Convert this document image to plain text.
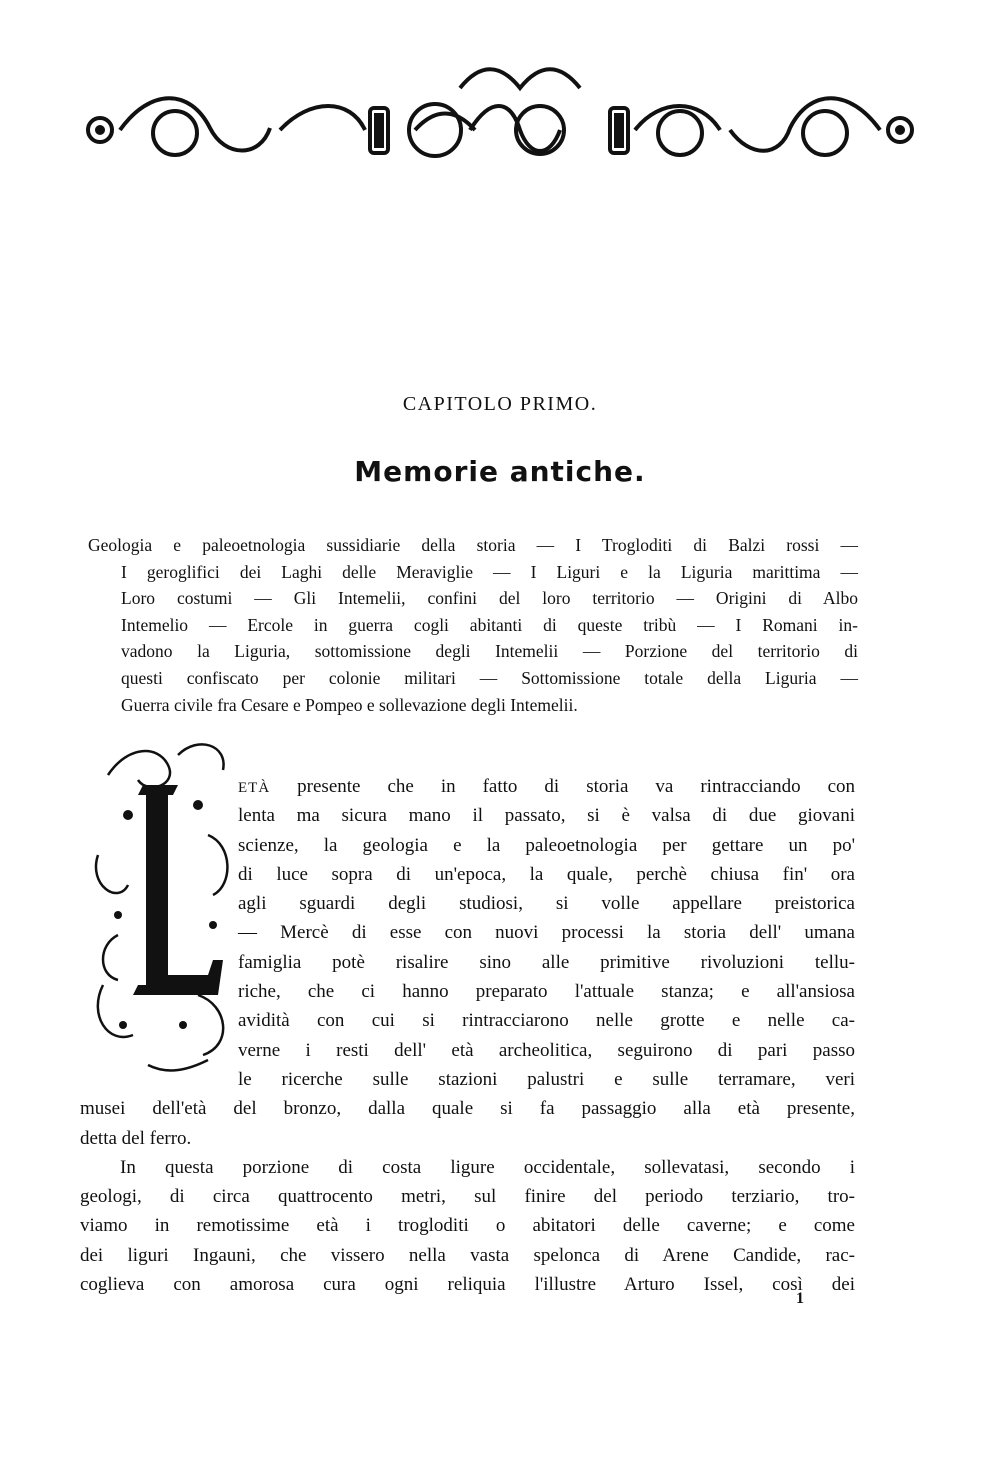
CAPITOLO PRIMO.
Memorie antiche.
Geologia e paleoetnologia sussidiarie della storia — I Trogloditi di Balzi rossi —
I geroglifici dei Laghi delle Meraviglie — I Liguri e la Liguria marittima —
Loro costumi — Gli Intemelii, confini del loro territorio — Origini di Albo
Intemelio — Ercole in guerra cogli abitanti di queste tribù — I Romani in-
vadono la Liguria, sottomissione degli Intemelii — Porzione del territorio di
questi confiscato per colonie militari — Sottomissione totale della Liguria —
Guerra civile fra Cesare e Pompeo e sollevazione degli Intemelii.
ETÀ presente che in fatto di storia va rintracciando con
lenta ma sicura mano il passato, si è valsa di due giovani
scienze, la geologia e la paleoetnologia per gettare un po'
di luce sopra di un'epoca, la quale, perchè chiusa fin' ora
agli sguardi degli studiosi, si volle appellare preistorica
— Mercè di esse con nuovi processi la storia dell' umana
famiglia potè risalire sino alle primitive rivoluzioni tellu-
riche, che ci hanno preparato l'attuale stanza; e all'ansiosa
avidità con cui si rintracciarono nelle grotte e nelle ca-
verne i resti dell' età archeolitica, seguirono di pari passo
le ricerche sulle stazioni palustri e sulle terramare, veri
musei dell'età del bronzo, dalla quale si fa passaggio alla età presente,
detta del ferro.
In questa porzione di costa ligure occidentale, sollevatasi, secondo i
geologi, di circa quattrocento metri, sul finire del periodo terziario, tro-
viamo in remotissime età i trogloditi o abitatori delle caverne; e come
dei liguri Ingauni, che vissero nella vasta spelonca di Arene Candide, rac-
coglieva con amorosa cura ogni reliquia l'illustre Arturo Issel, così dei
1
